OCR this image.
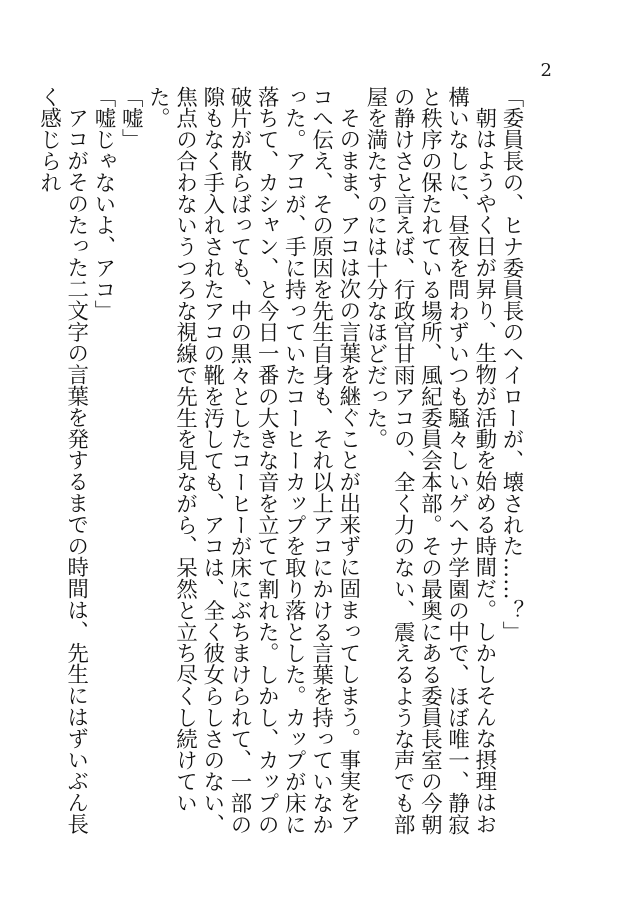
2

「委員長の、ヒナ委員長のヘイローが、壊された……？」

朝はようやく日が昇り、生物が活動を始める時間だ。しかしそんな摂理はお構いなしに、昼夜を問わずいつも騒々しいゲヘナ学園の中で、ほぼ唯一、静寂と秩序の保たれている場所、風紀委員会本部。その最奥にある委員長室の今朝の静けさと言えば、行政官甘雨アコの、全く力のない、震えるような声でも部屋を満たすのには十分なほどだった。

そのまま、アコは次の言葉を継ぐことが出来ずに固まってしまう。事実をアコへ伝え、その原因を先生自身も、それ以上アコにかける言葉を持っていなかった。アコが、手に持っていたコーヒーカップを取り落とした。カップが床に落ちて、カシャン、と今日一番の大きな音を立てて割れた。しかし、カップの破片が散らばっても、中の黒々としたコーヒーが床にぶちまけられて、一部の隙もなく手入れされたアコの靴を汚しても、アコは、全く彼女らしさのない、焦点の合わないうつろな視線で先生を見ながら、呆然と立ち尽くし続けていた。

「嘘」

「嘘じゃないよ、アコ」

アコがそのたった二文字の言葉を発するまでの時間は、先生にはずいぶん長く感じられ
